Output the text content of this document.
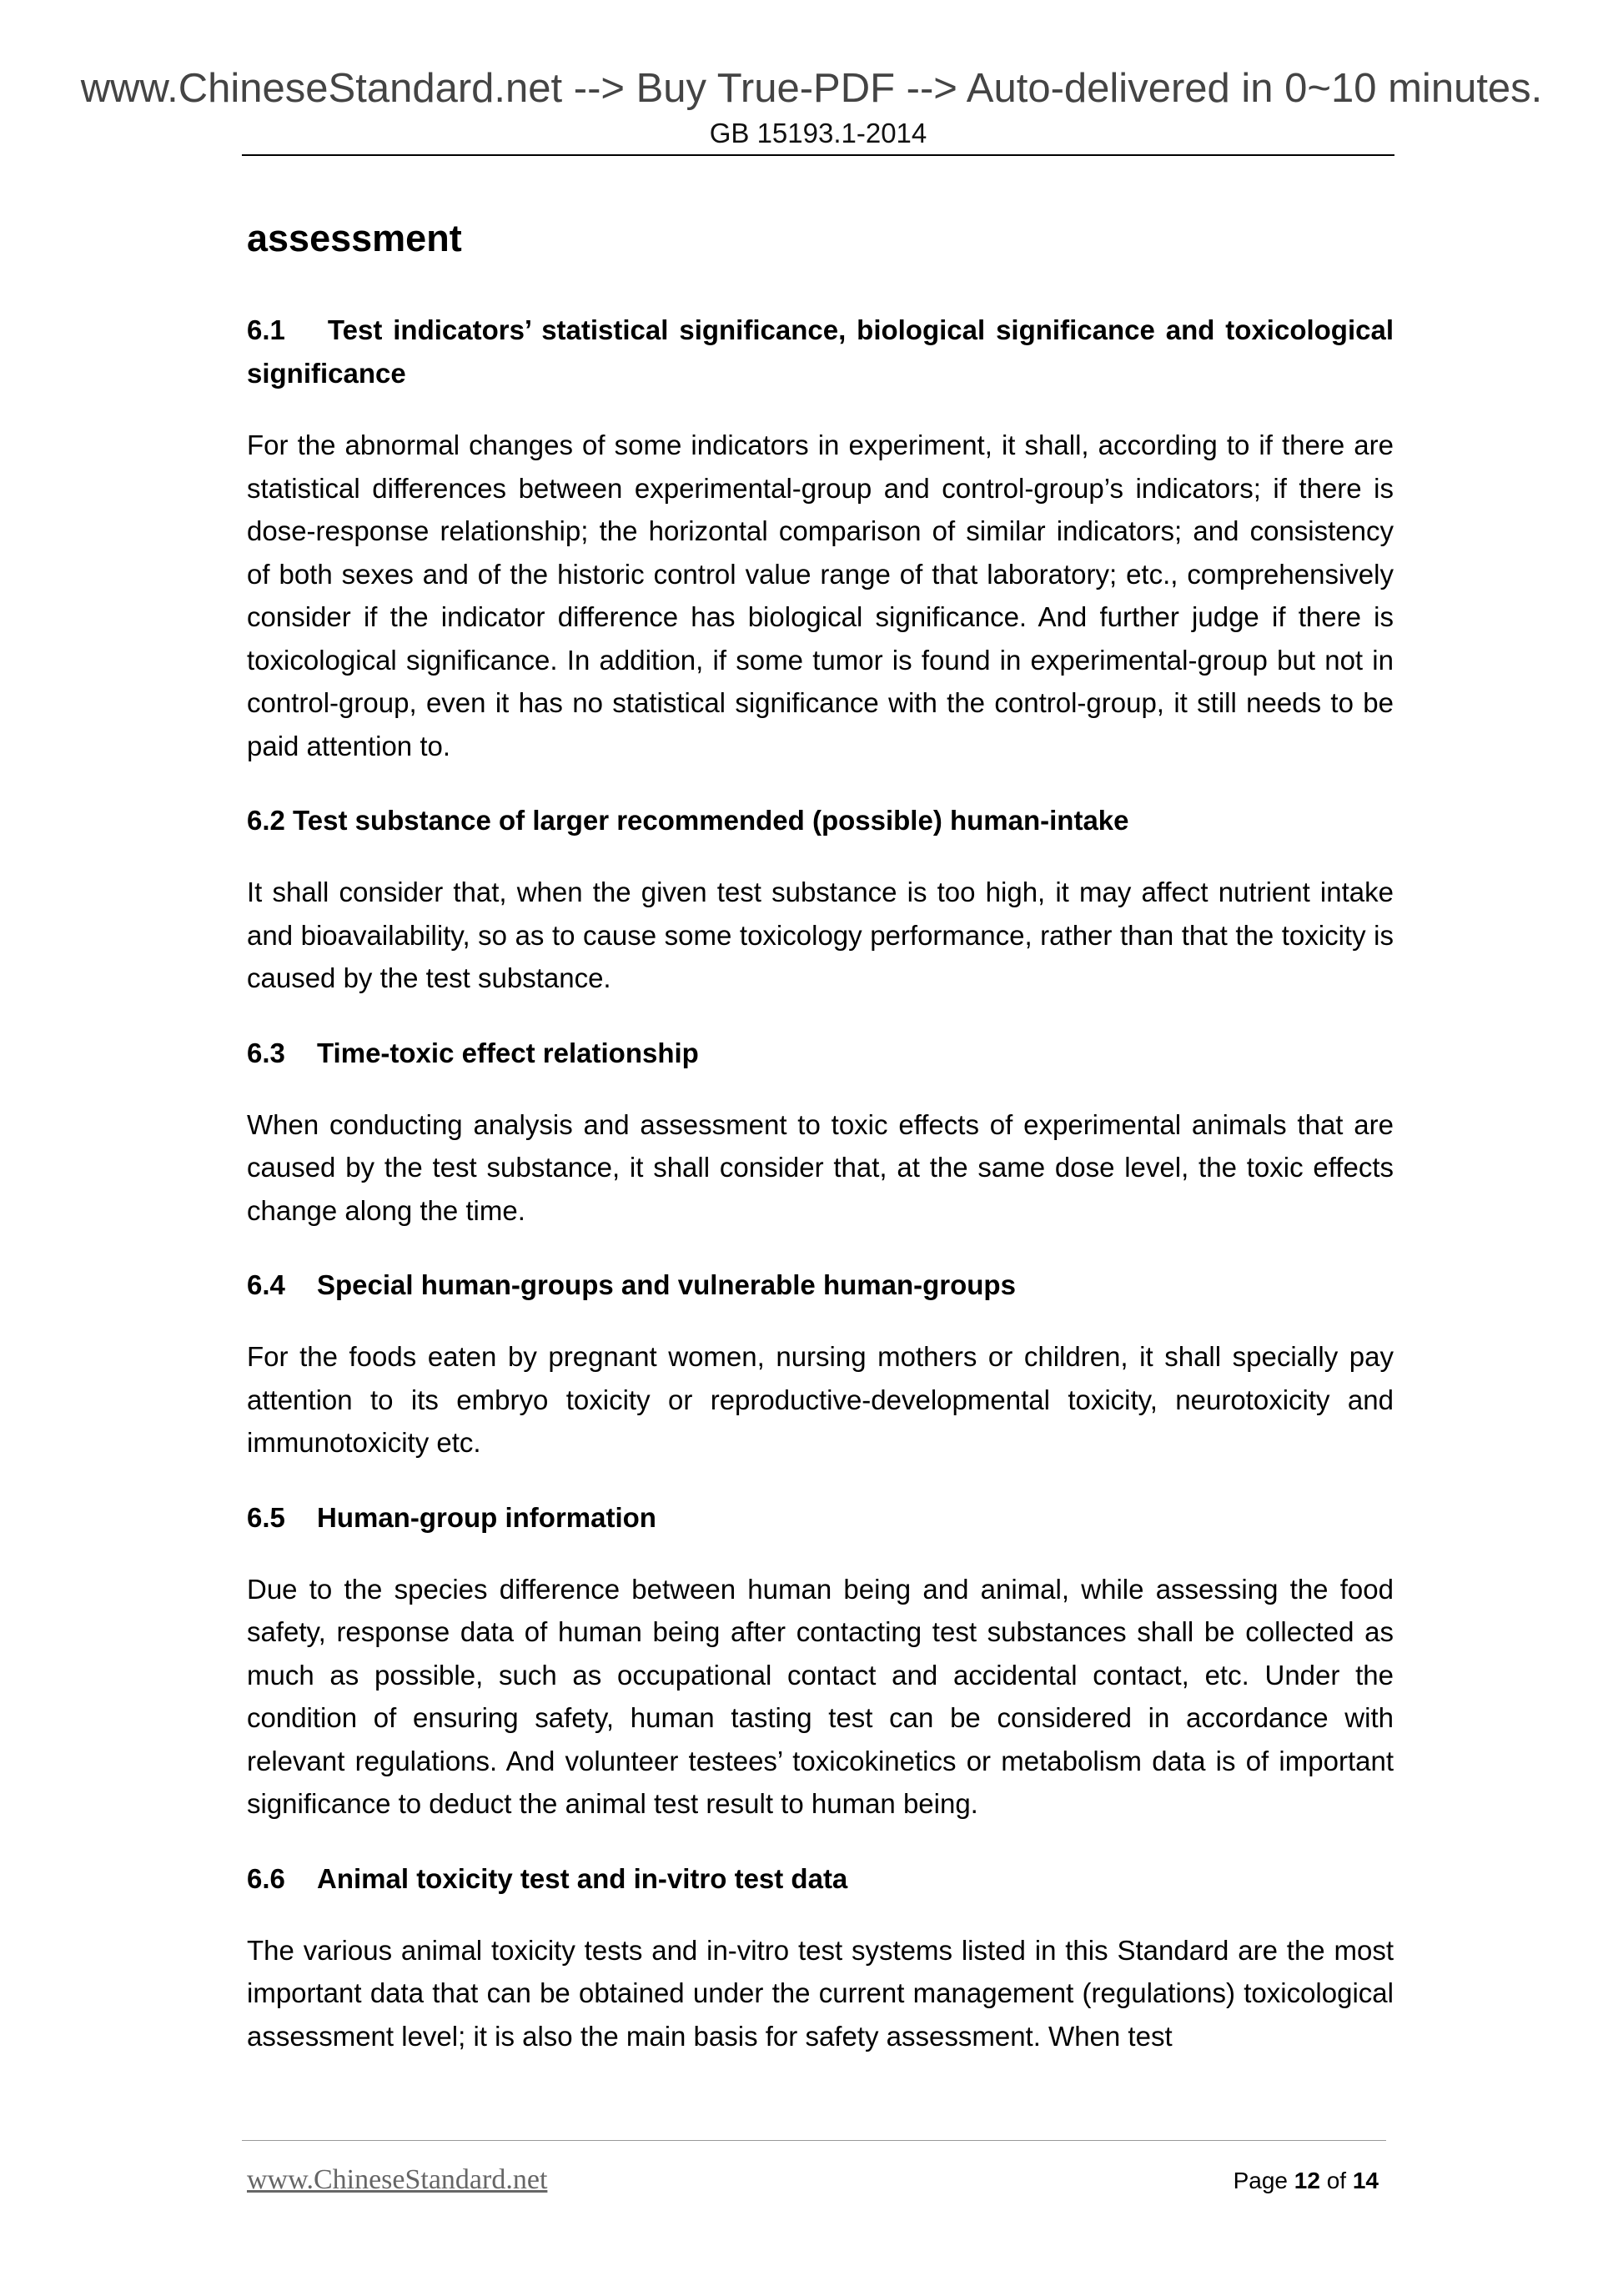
www.ChineseStandard.net --> Buy True-PDF --> Auto-delivered in 0~10 minutes.
GB 15193.1-2014
assessment
6.1 Test indicators’ statistical significance, biological significance and toxicological significance
For the abnormal changes of some indicators in experiment, it shall, according to if there are statistical differences between experimental-group and control-group’s indicators; if there is dose-response relationship; the horizontal comparison of similar indicators; and consistency of both sexes and of the historic control value range of that laboratory; etc., comprehensively consider if the indicator difference has biological significance. And further judge if there is toxicological significance. In addition, if some tumor is found in experimental-group but not in control-group, even it has no statistical significance with the control-group, it still needs to be paid attention to.
6.2 Test substance of larger recommended (possible) human-intake
It shall consider that, when the given test substance is too high, it may affect nutrient intake and bioavailability, so as to cause some toxicology performance, rather than that the toxicity is caused by the test substance.
6.3 Time-toxic effect relationship
When conducting analysis and assessment to toxic effects of experimental animals that are caused by the test substance, it shall consider that, at the same dose level, the toxic effects change along the time.
6.4 Special human-groups and vulnerable human-groups
For the foods eaten by pregnant women, nursing mothers or children, it shall specially pay attention to its embryo toxicity or reproductive-developmental toxicity, neurotoxicity and immunotoxicity etc.
6.5 Human-group information
Due to the species difference between human being and animal, while assessing the food safety, response data of human being after contacting test substances shall be collected as much as possible, such as occupational contact and accidental contact, etc. Under the condition of ensuring safety, human tasting test can be considered in accordance with relevant regulations. And volunteer testees’ toxicokinetics or metabolism data is of important significance to deduct the animal test result to human being.
6.6 Animal toxicity test and in-vitro test data
The various animal toxicity tests and in-vitro test systems listed in this Standard are the most important data that can be obtained under the current management (regulations) toxicological assessment level; it is also the main basis for safety assessment. When test
www.ChineseStandard.net	Page 12 of 14
